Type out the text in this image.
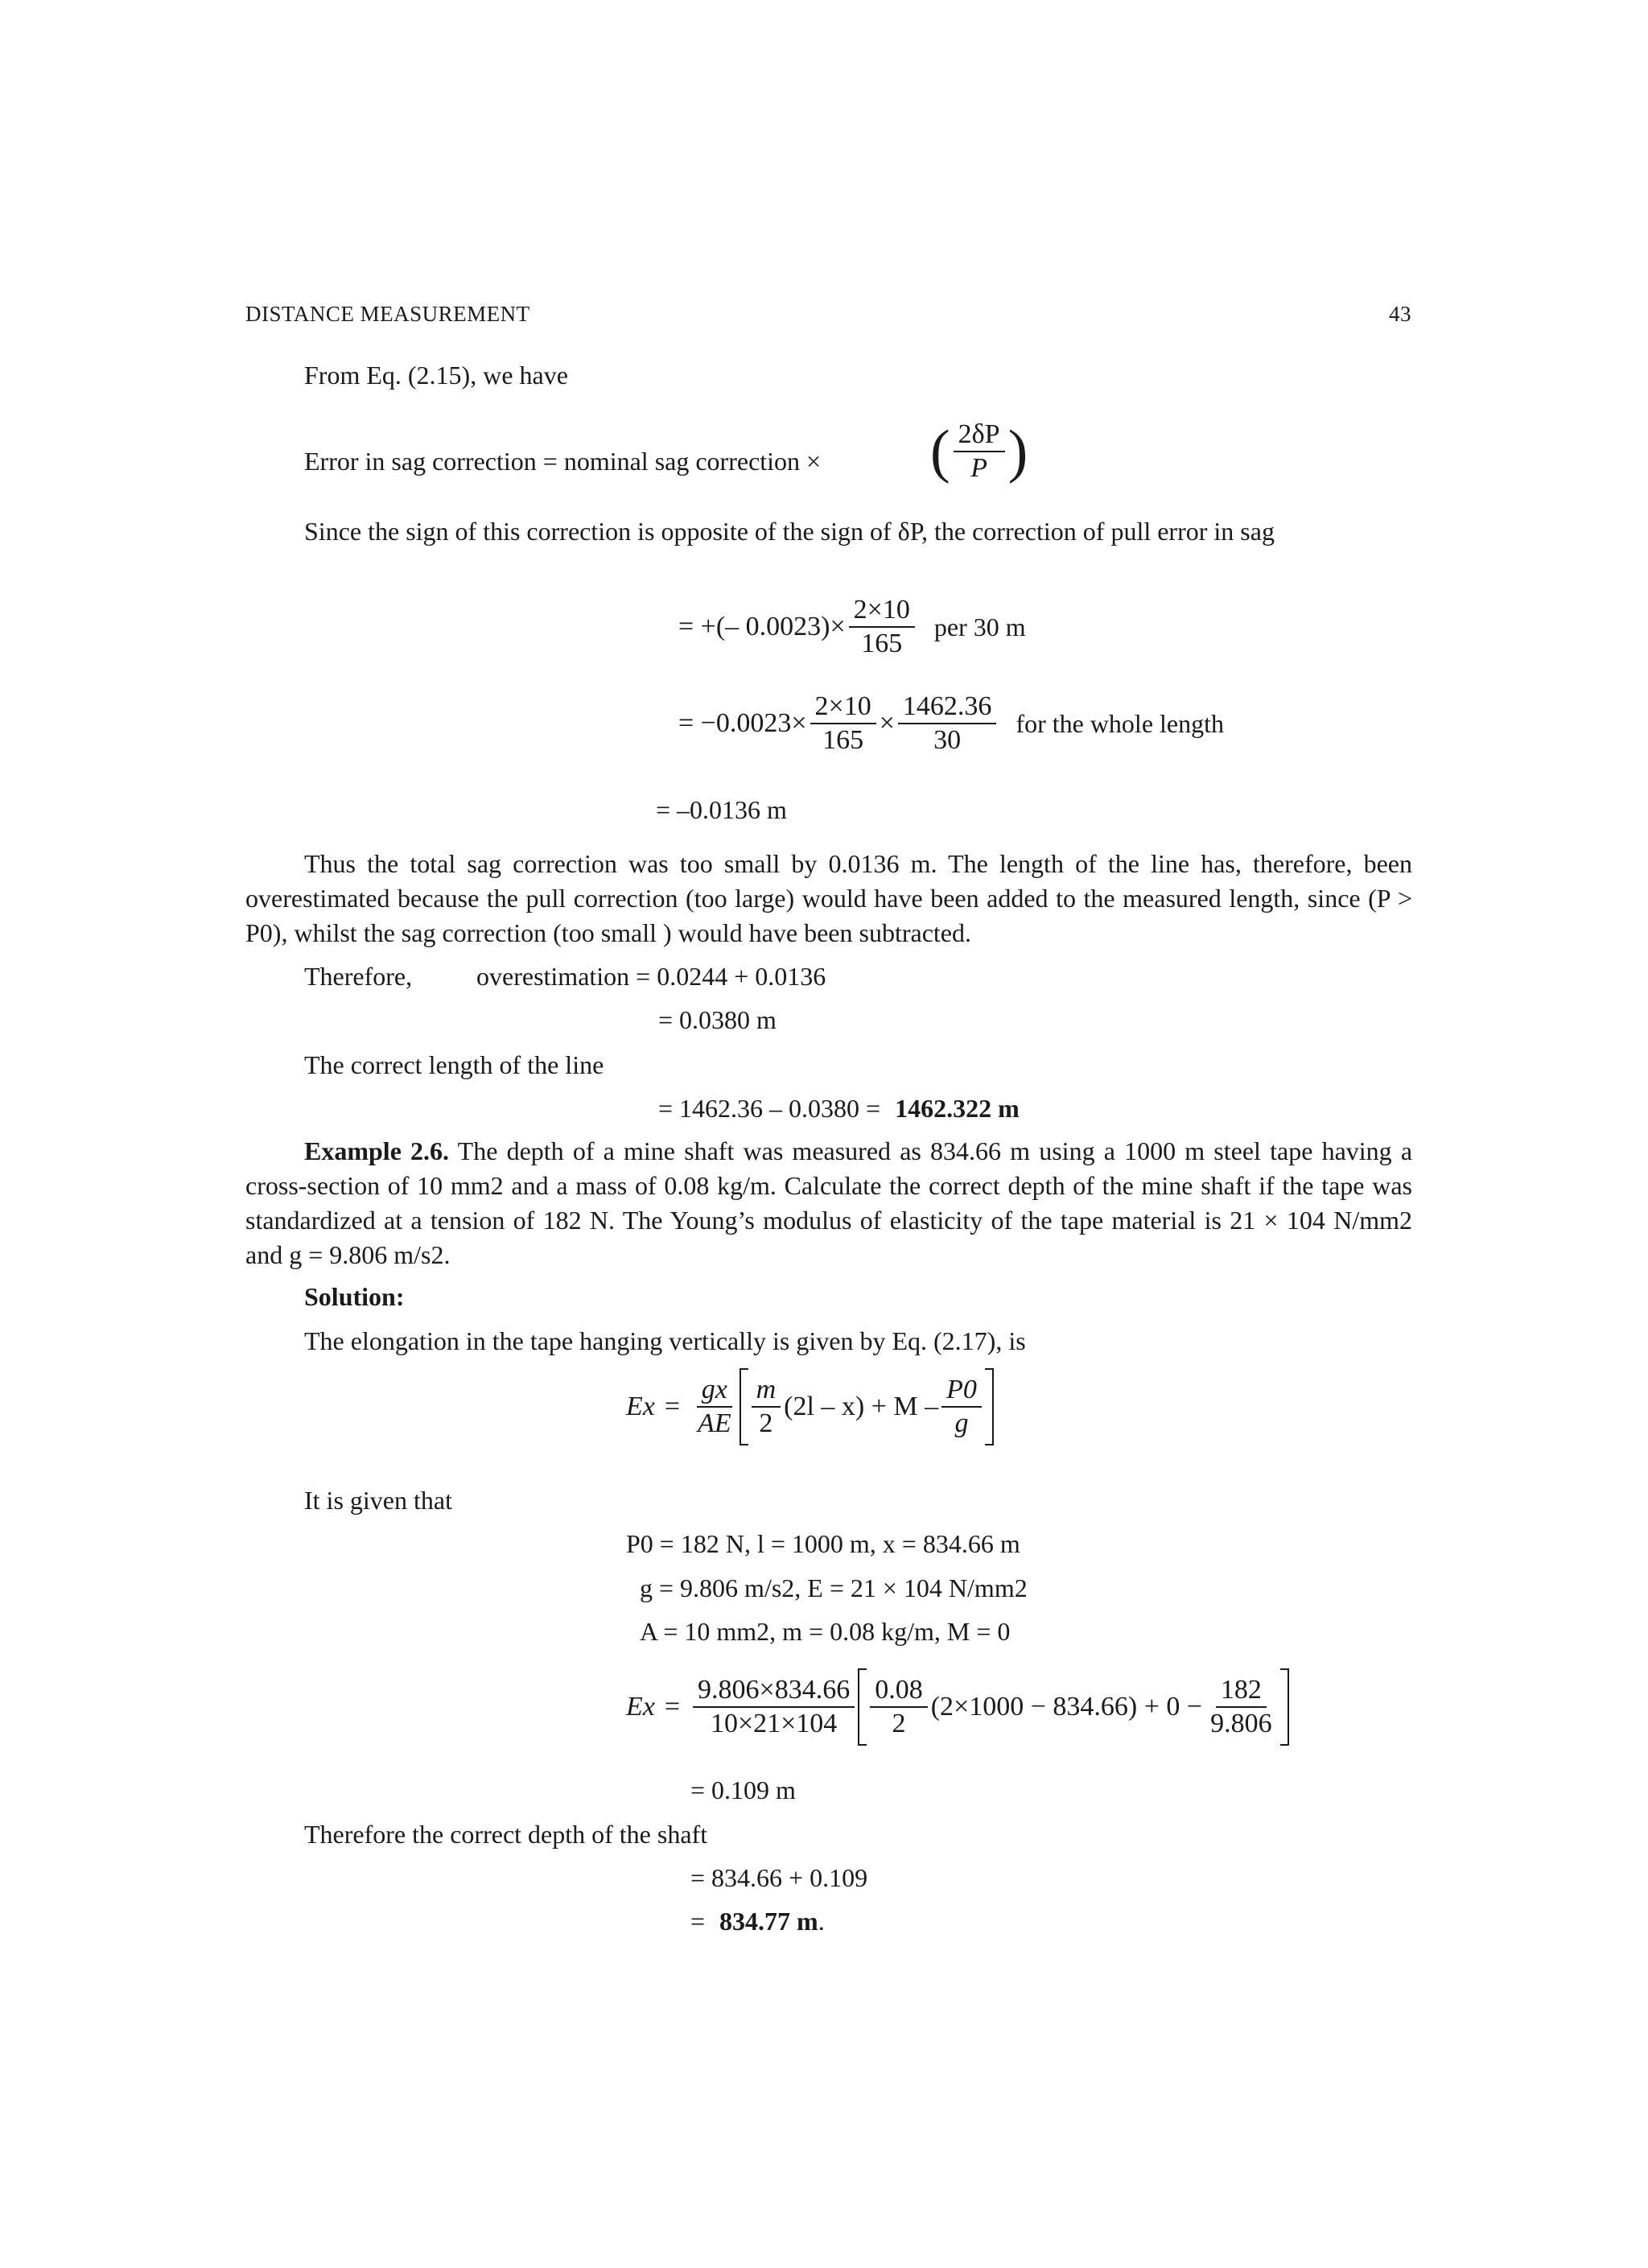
DISTANCE MEASUREMENT	43
From Eq. (2.15), we have
Error in sag correction = nominal sag correction × ( $\frac{2\delta P}{P}$ )
Since the sign of this correction is opposite of the sign of δP, the correction of pull error in sag
= +(– $0.0023)\times \frac{2\times 10}{165}$ per 30 m
= $-0.0023\times \frac{2\times 10}{165} \times \frac{1462.36}{30}$ for the whole length
= –0.0136 m
Thus the total sag correction was too small by 0.0136 m. The length of the line has, therefore, been overestimated because the pull correction (too large) would have been added to the measured length, since (P > P0), whilst the sag correction (too small ) would have been subtracted.
Therefore, overestimation = 0.0244 + 0.0136
= 0.0380 m
The correct length of the line
= 1462.36 – 0.0380 = 1462.322 m
Example 2.6. The depth of a mine shaft was measured as 834.66 m using a 1000 m steel tape having a cross-section of 10 mm2 and a mass of 0.08 kg/m. Calculate the correct depth of the mine shaft if the tape was standardized at a tension of 182 N. The Young’s modulus of elasticity of the tape material is 21 × 104 N/mm2 and g = 9.806 m/s2.
Solution:
The elongation in the tape hanging vertically is given by Eq. (2.17), is
$Ex = \frac{gx}{AE} \frac{m}{2} (2l - x) + M - \frac{P0}{g}$
It is given that
P0 = 182 N, l = 1000 m, x = 834.66 m
g = 9.806 m/s2, E = 21 × 104 N/mm2
A = 10 mm2, m = 0.08 kg/m, M = 0
$Ex = \frac{9.806\times 834.66}{10\times 21\times 104} \frac{0.08}{2} (2\times 1000 - 834.66) + 0 - \frac{182}{9.806}$
= 0.109 m
Therefore the correct depth of the shaft
= 834.66 + 0.109
= 834.77 m.
